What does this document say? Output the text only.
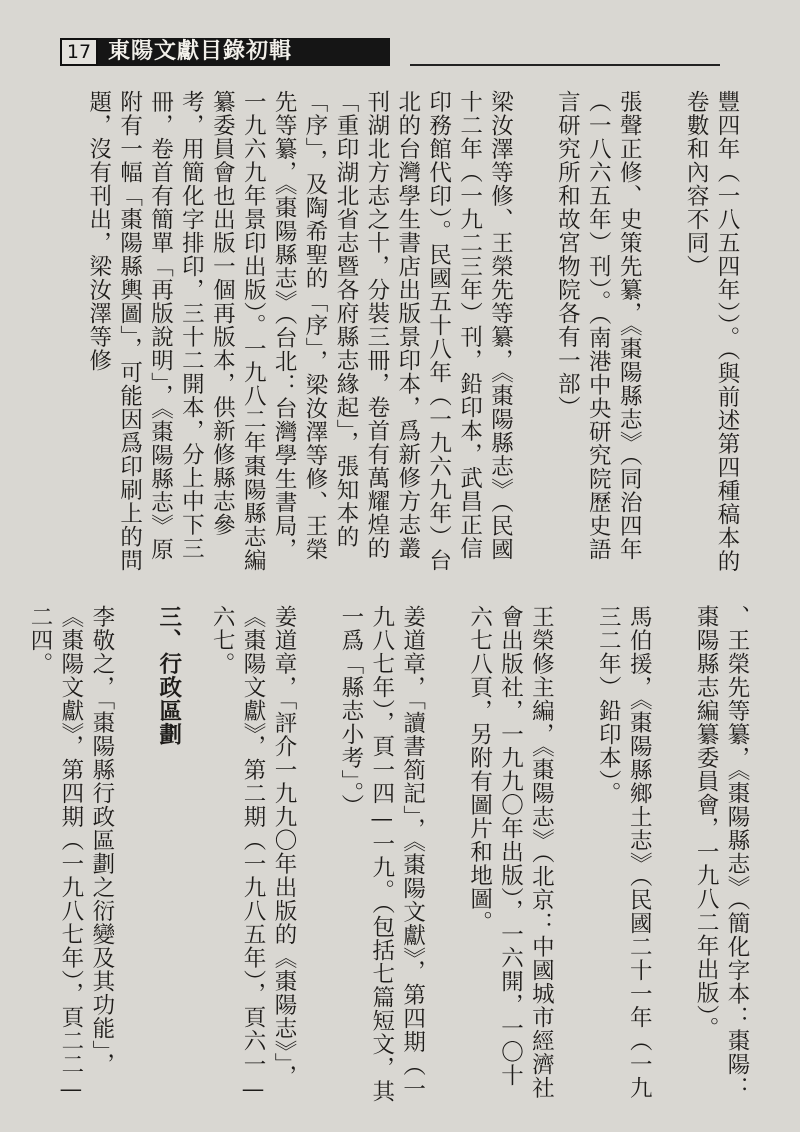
17 東陽文獻目錄初輯

豐四年（一八五四年））。（與前述第四種稿本的卷數和內容不同）

張聲正修、史策先纂，《棗陽縣志》（同治四年（一八六五年）刊）。（南港中央研究院歷史語言研究所和故宮物院各有一部）

梁汝澤等修、王榮先等纂，《棗陽縣志》（民國十二年（一九二三年）刊，鉛印本，武昌正信印務館代印）。民國五十八年（一九六九年）台北的台灣學生書店出版景印本，爲新修方志叢刊湖北方志之十，分裝三冊，卷首有萬耀煌的「重印湖北省志暨各府縣志緣起」，張知本的「序」，及陶希聖的「序」，梁汝澤等修、王榮先等纂，《棗陽縣志》（台北：台灣學生書局，一九六九年景印出版）。一九八二年棗陽縣志編纂委員會也出版一個再版本，供新修縣志參考，用簡化字排印，三十二開本，分上中下三冊，卷首有簡單「再版說明」，《棗陽縣志》原附有一幅「棗陽縣輿圖」，可能因爲印刷上的問題，沒有刊出，梁汝澤等修

、王榮先等纂，《棗陽縣志》（簡化字本：棗陽：棗陽縣志編纂委員會，一九八二年出版）。

馬伯援，《棗陽縣鄉土志》（民國二十一年（一九三二年）鉛印本）。

王榮修主編，《棗陽志》（北京：中國城市經濟社會出版社，一九九〇年出版），一六開，一〇十六七八頁，另附有圖片和地圖。

姜道章，「讀書箚記」，《棗陽文獻》，第四期（一九八七年），頁一四—一九。（包括七篇短文，其一爲「縣志小考」。）

姜道章，「評介一九九〇年出版的《棗陽志》」，《棗陽文獻》，第二期（一九八五年），頁六一—六七。

三、行政區劃

李敬之，「棗陽縣行政區劃之衍變及其功能」，《棗陽文獻》，第四期（一九八七年），頁二二—二四。
